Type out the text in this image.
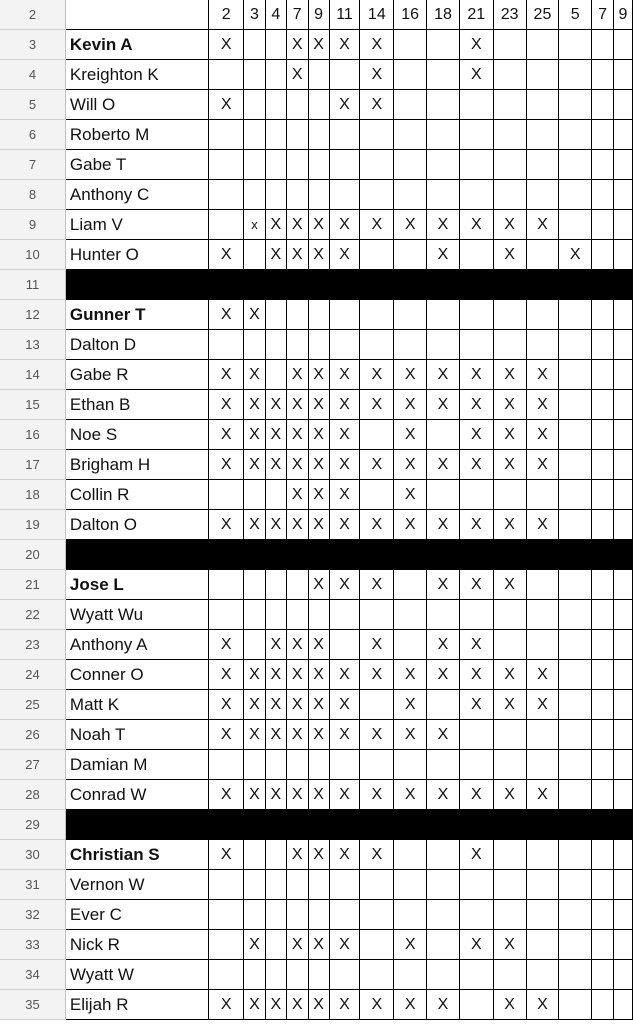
2		2	3	4	7	9	11	14	16	18	21	23	25	5	7	9
3	Kevin A	X			X	X	X	X			X					
4	Kreighton K				X			X			X					
5	Will O	X					X	X								
6	Roberto M															
7	Gabe T															
8	Anthony C															
9	Liam V		x	X	X	X	X	X	X	X	X	X	X			
10	Hunter O	X		X	X	X	X			X		X		X		
11																
12	Gunner T	X	X													
13	Dalton D															
14	Gabe R	X	X		X	X	X	X	X	X	X	X	X			
15	Ethan B	X	X	X	X	X	X	X	X	X	X	X	X			
16	Noe S	X	X	X	X	X	X		X		X	X	X			
17	Brigham H	X	X	X	X	X	X	X	X	X	X	X	X			
18	Collin R				X	X	X		X							
19	Dalton O	X	X	X	X	X	X	X	X	X	X	X	X			
20																
21	Jose L					X	X	X		X	X	X				
22	Wyatt Wu															
23	Anthony A	X		X	X	X		X		X	X					
24	Conner O	X	X	X	X	X	X	X	X	X	X	X	X			
25	Matt K	X	X	X	X	X	X		X		X	X	X			
26	Noah T	X	X	X	X	X	X	X	X	X						
27	Damian M															
28	Conrad W	X	X	X	X	X	X	X	X	X	X	X	X			
29																
30	Christian S	X			X	X	X	X			X					
31	Vernon W															
32	Ever C															
33	Nick R		X		X	X	X		X		X	X				
34	Wyatt W															
35	Elijah R	X	X	X	X	X	X	X	X	X		X	X			
